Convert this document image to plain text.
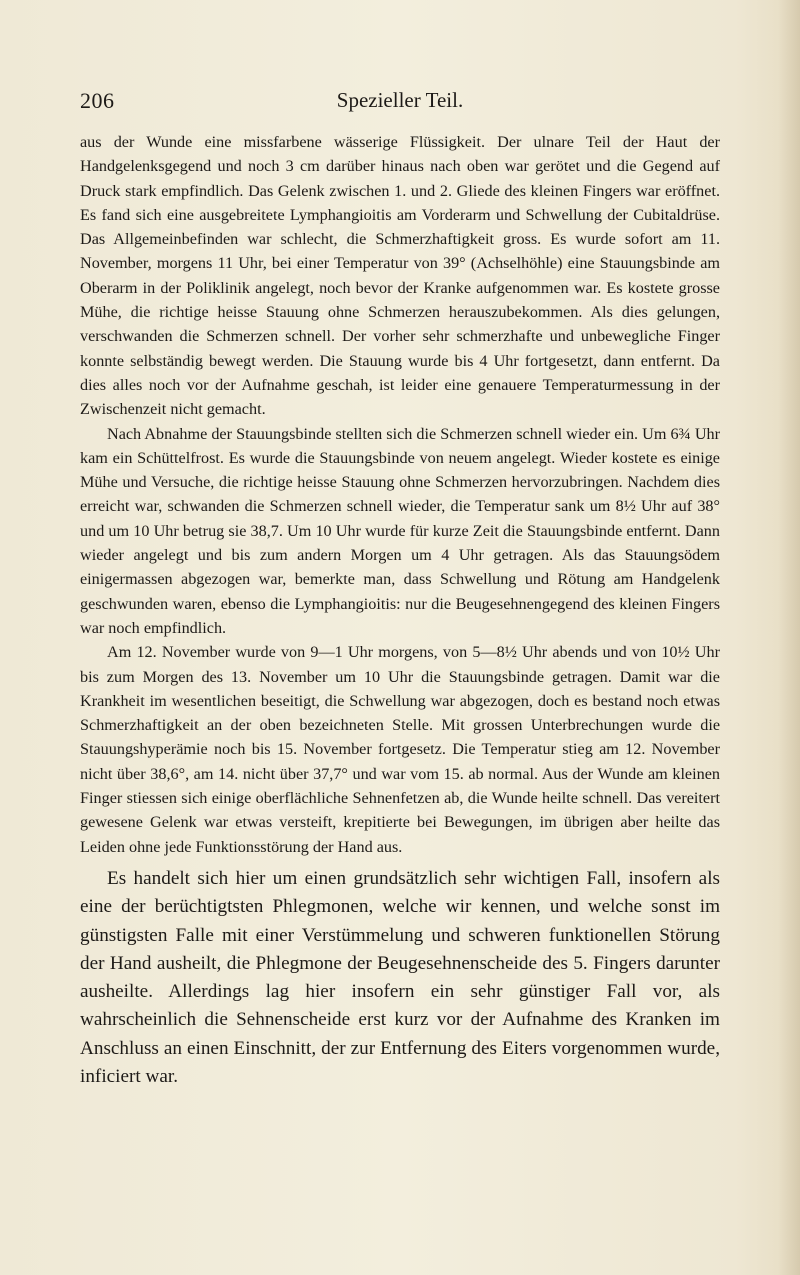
206	Spezieller Teil.

aus der Wunde eine missfarbene wässerige Flüssigkeit. Der ulnare Teil der Haut der Handgelenksgegend und noch 3 cm darüber hinaus nach oben war gerötet und die Gegend auf Druck stark empfindlich. Das Gelenk zwischen 1. und 2. Gliede des kleinen Fingers war eröffnet. Es fand sich eine ausgebreitete Lymphangioitis am Vorderarm und Schwellung der Cubitaldrüse. Das Allgemeinbefinden war schlecht, die Schmerzhaftigkeit gross. Es wurde sofort am 11. November, morgens 11 Uhr, bei einer Temperatur von 39° (Achselhöhle) eine Stauungsbinde am Oberarm in der Poliklinik angelegt, noch bevor der Kranke aufgenommen war. Es kostete grosse Mühe, die richtige heisse Stauung ohne Schmerzen herauszubekommen. Als dies gelungen, verschwanden die Schmerzen schnell. Der vorher sehr schmerzhafte und unbewegliche Finger konnte selbständig bewegt werden. Die Stauung wurde bis 4 Uhr fortgesetzt, dann entfernt. Da dies alles noch vor der Aufnahme geschah, ist leider eine genauere Temperaturmessung in der Zwischenzeit nicht gemacht.

Nach Abnahme der Stauungsbinde stellten sich die Schmerzen schnell wieder ein. Um 6¾ Uhr kam ein Schüttelfrost. Es wurde die Stauungsbinde von neuem angelegt. Wieder kostete es einige Mühe und Versuche, die richtige heisse Stauung ohne Schmerzen hervorzubringen. Nachdem dies erreicht war, schwanden die Schmerzen schnell wieder, die Temperatur sank um 8½ Uhr auf 38° und um 10 Uhr betrug sie 38,7. Um 10 Uhr wurde für kurze Zeit die Stauungsbinde entfernt. Dann wieder angelegt und bis zum andern Morgen um 4 Uhr getragen. Als das Stauungsödem einigermassen abgezogen war, bemerkte man, dass Schwellung und Rötung am Handgelenk geschwunden waren, ebenso die Lymphangioitis: nur die Beugesehnengegend des kleinen Fingers war noch empfindlich.

Am 12. November wurde von 9—1 Uhr morgens, von 5—8½ Uhr abends und von 10½ Uhr bis zum Morgen des 13. November um 10 Uhr die Stauungsbinde getragen. Damit war die Krankheit im wesentlichen beseitigt, die Schwellung war abgezogen, doch es bestand noch etwas Schmerzhaftigkeit an der oben bezeichneten Stelle. Mit grossen Unterbrechungen wurde die Stauungshyperämie noch bis 15. November fortgesetz. Die Temperatur stieg am 12. November nicht über 38,6°, am 14. nicht über 37,7° und war vom 15. ab normal. Aus der Wunde am kleinen Finger stiessen sich einige oberflächliche Sehnenfetzen ab, die Wunde heilte schnell. Das vereitert gewesene Gelenk war etwas versteift, krepitierte bei Bewegungen, im übrigen aber heilte das Leiden ohne jede Funktionsstörung der Hand aus.

Es handelt sich hier um einen grundsätzlich sehr wichtigen Fall, insofern als eine der berüchtigtsten Phlegmonen, welche wir kennen, und welche sonst im günstigsten Falle mit einer Verstümmelung und schweren funktionellen Störung der Hand ausheilt, die Phlegmone der Beugesehnenscheide des 5. Fingers darunter ausheilte. Allerdings lag hier insofern ein sehr günstiger Fall vor, als wahrscheinlich die Sehnenscheide erst kurz vor der Aufnahme des Kranken im Anschluss an einen Einschnitt, der zur Entfernung des Eiters vorgenommen wurde, inficiert war.
